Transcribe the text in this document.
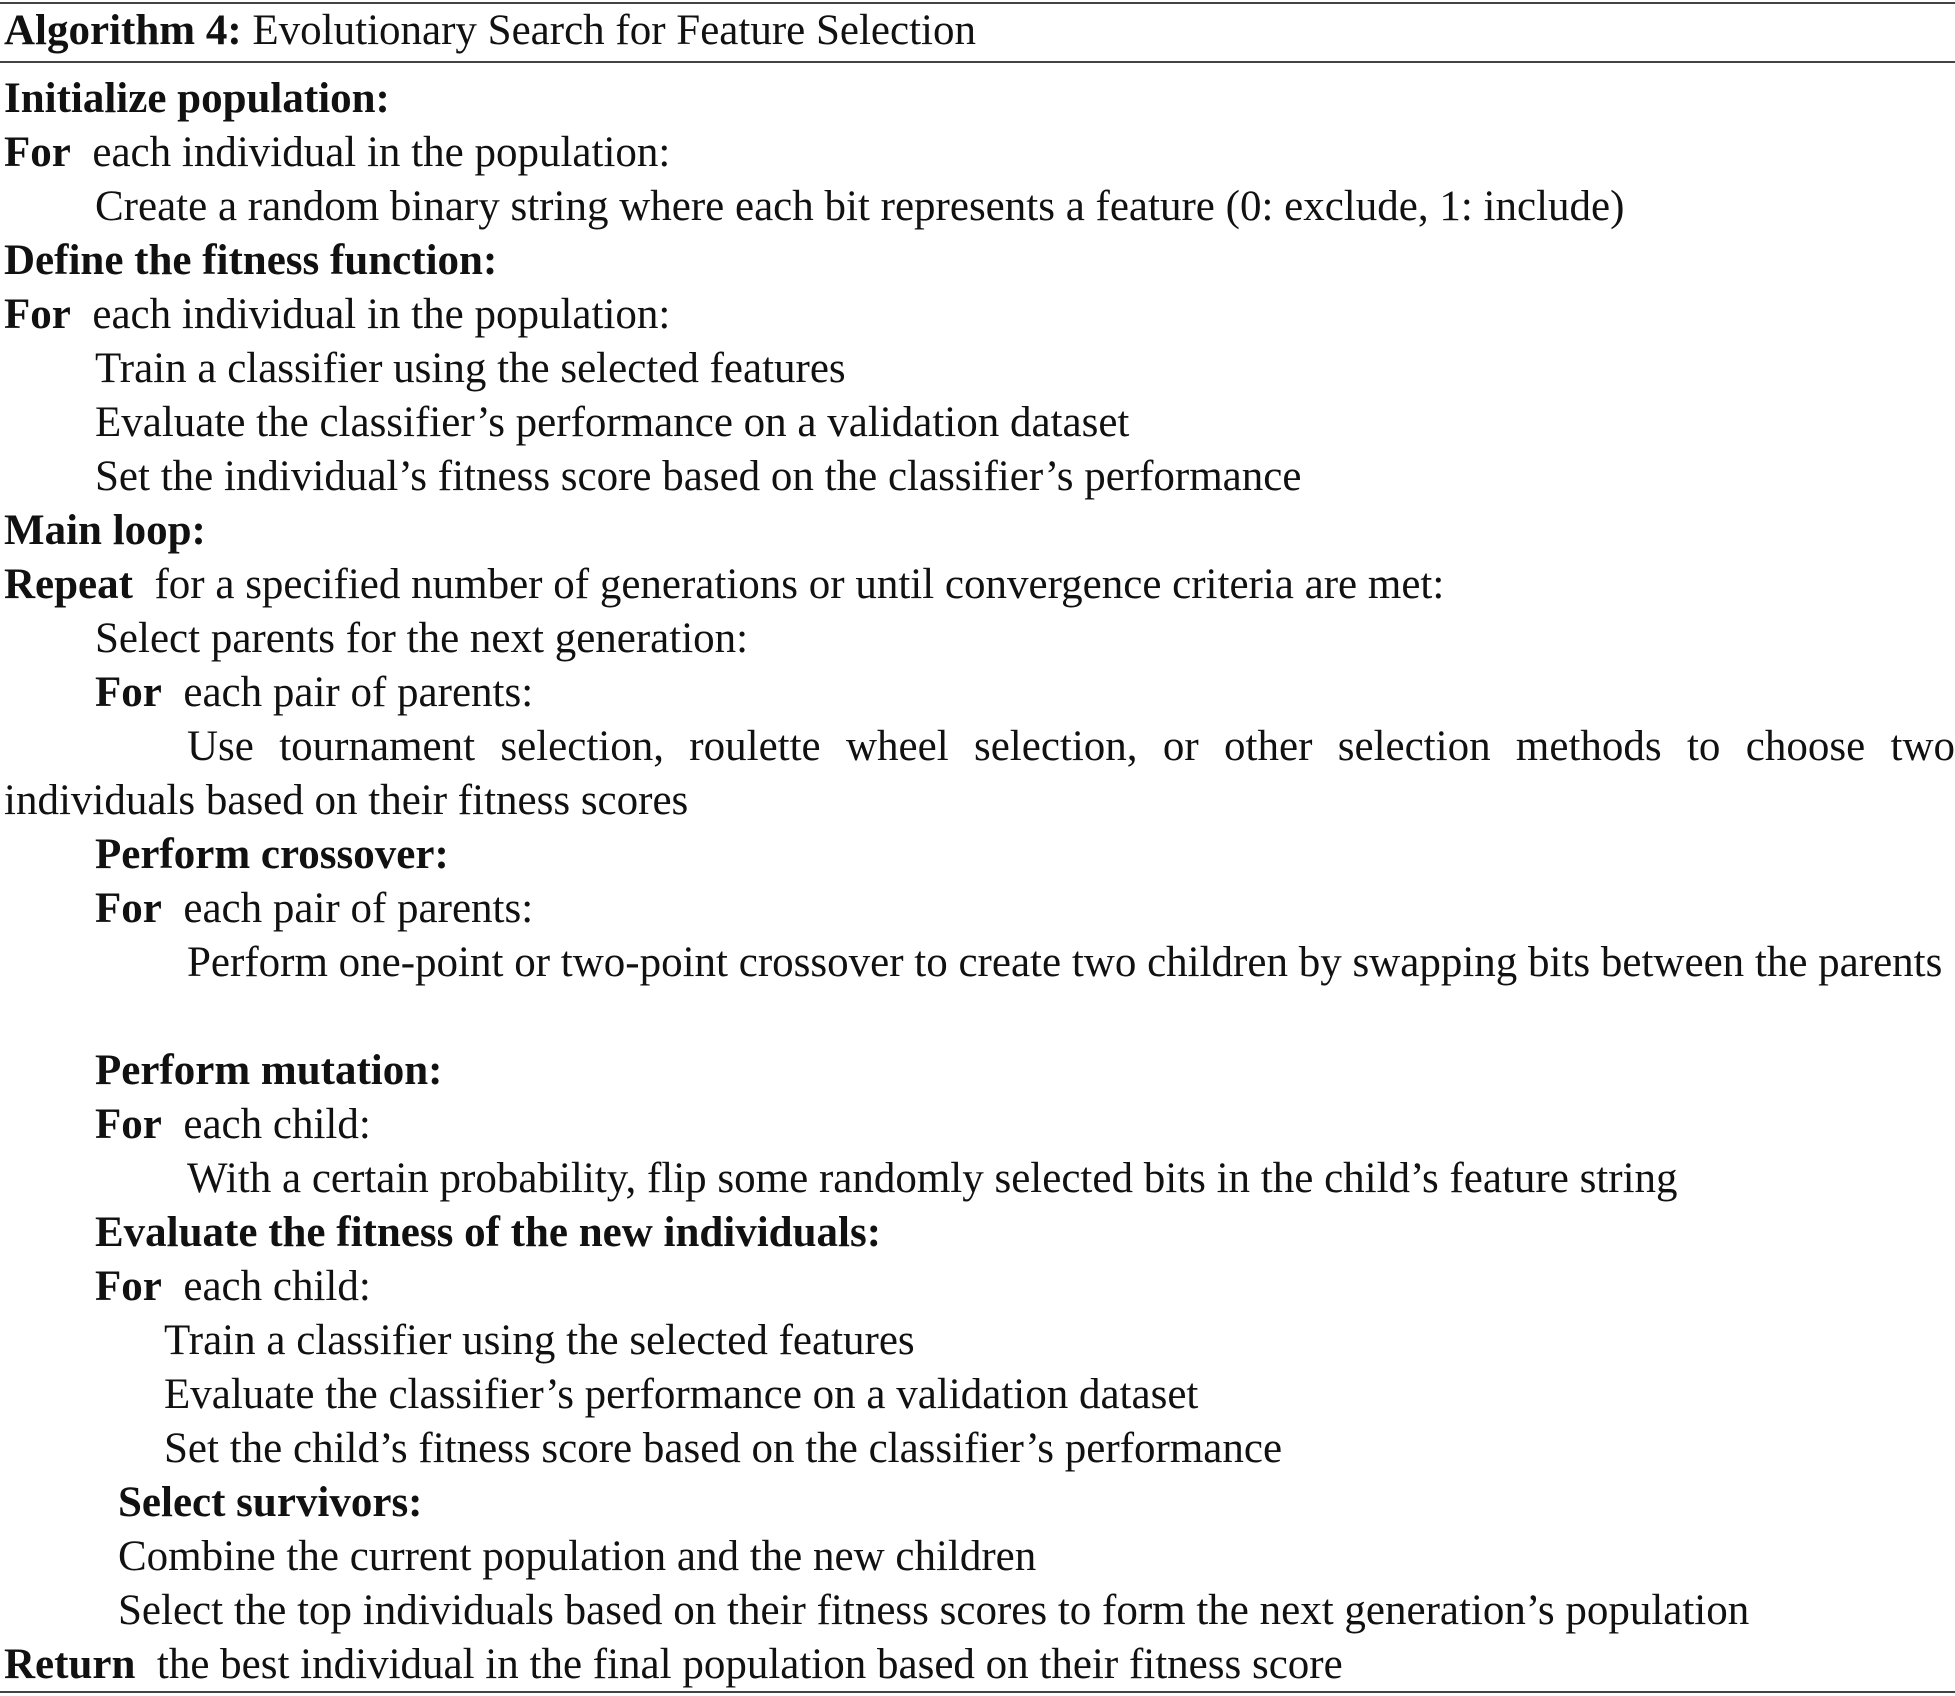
Algorithm 4: Evolutionary Search for Feature Selection
Initialize population:
For each individual in the population:
Create a random binary string where each bit represents a feature (0: exclude, 1: include)
Define the fitness function:
For each individual in the population:
Train a classifier using the selected features
Evaluate the classifier’s performance on a validation dataset
Set the individual’s fitness score based on the classifier’s performance
Main loop:
Repeat for a specified number of generations or until convergence criteria are met:
Select parents for the next generation:
For each pair of parents:
Use tournament selection, roulette wheel selection, or other selection methods to choose two individuals based on their fitness scores
Perform crossover:
For each pair of parents:
Perform one-point or two-point crossover to create two children by swapping bits between the parents
Perform mutation:
For each child:
With a certain probability, flip some randomly selected bits in the child’s feature string
Evaluate the fitness of the new individuals:
For each child:
Train a classifier using the selected features
Evaluate the classifier’s performance on a validation dataset
Set the child’s fitness score based on the classifier’s performance
Select survivors:
Combine the current population and the new children
Select the top individuals based on their fitness scores to form the next generation’s population
Return the best individual in the final population based on their fitness score
